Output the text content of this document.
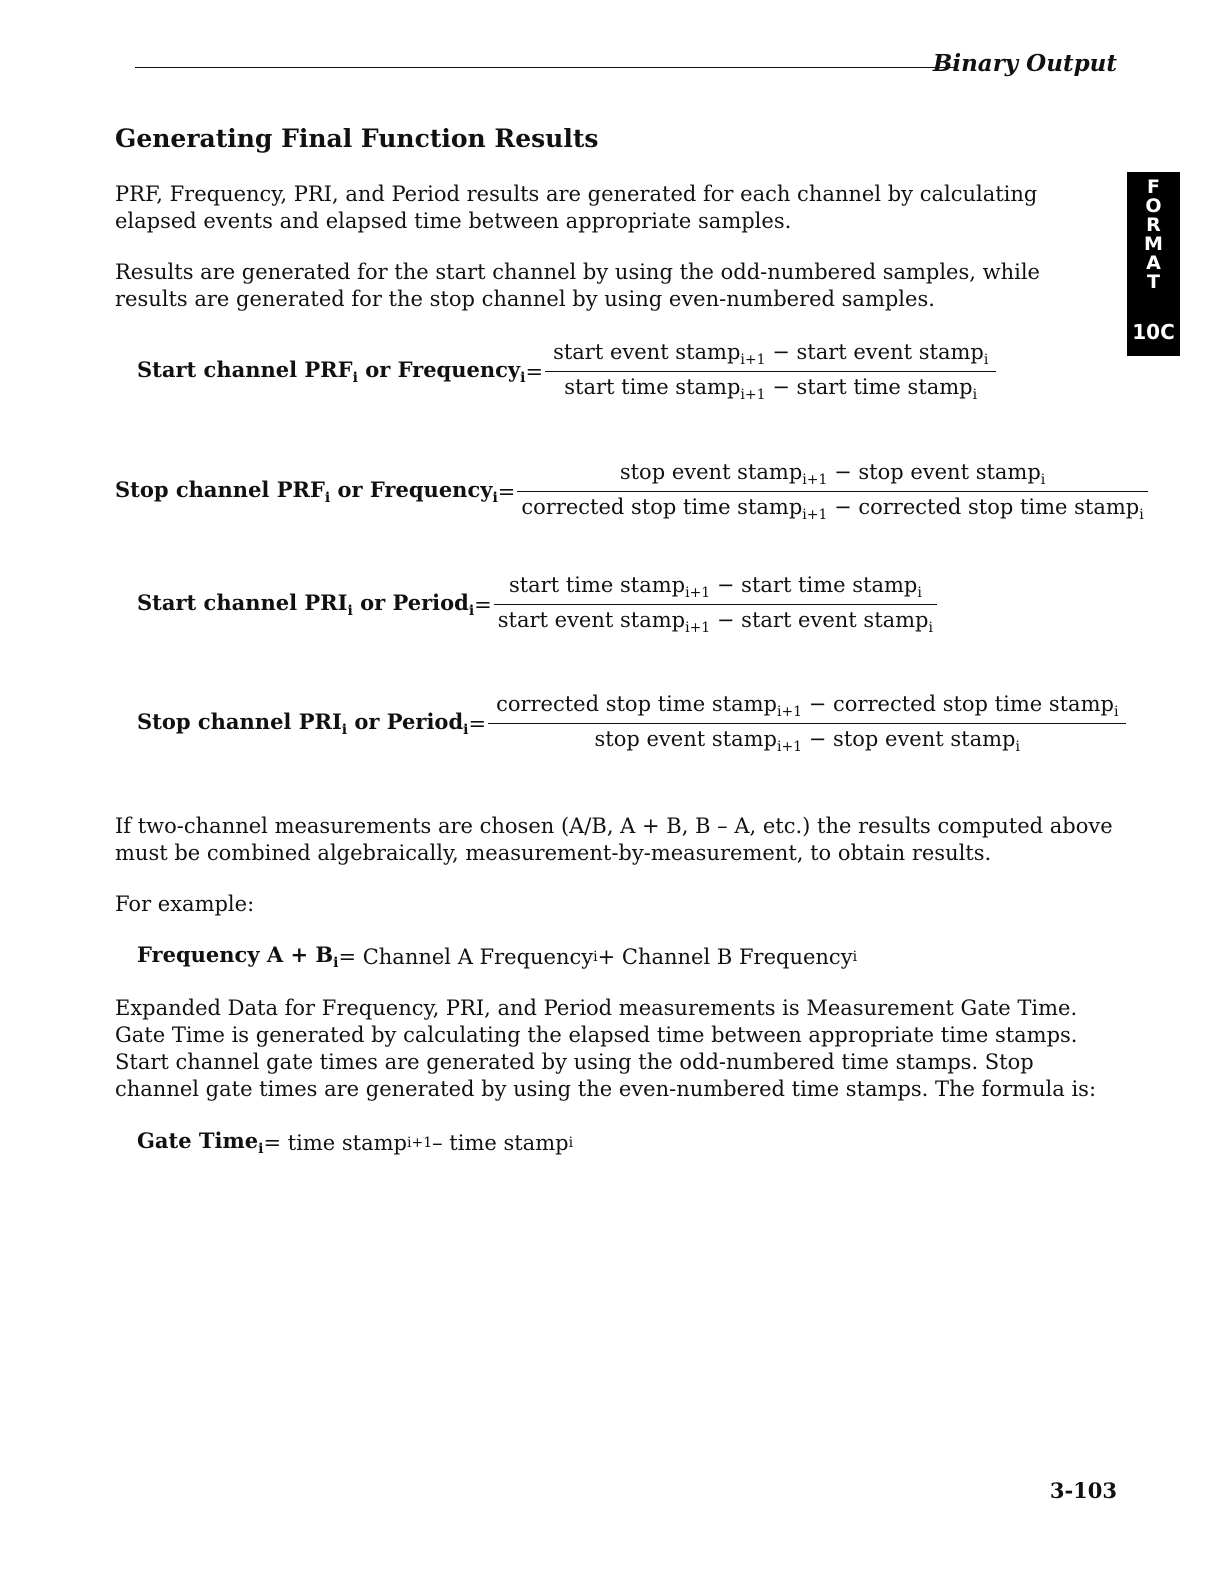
Binary Output
F
O
R
M
A
T
10C
Generating Final Function Results
PRF, Frequency, PRI, and Period results are generated for each channel by calculating elapsed events and elapsed time between appropriate samples.
Results are generated for the start channel by using the odd-numbered samples, while results are generated for the stop channel by using even-numbered samples.
Start channel $PRF_i$ or Frequency$_i$ = $\frac{start event stamp_{i+1} - start event stamp_i}{start time stamp_{i+1} - start time stamp_i}$
Stop channel $PRF_i$ or Frequency$_i$ = $\frac{stop event stamp_{i+1} - stop event stamp_i}{corrected stop time stamp_{i+1} - corrected stop time stamp_i}$
Start channel $PRI_i$ or Period$_i$ = $\frac{start time stamp_{i+1} - start time stamp_i}{start event stamp_{i+1} - start event stamp_i}$
Stop channel $PRI_i$ or Period$_i$ = $\frac{corrected stop time stamp_{i+1} - corrected stop time stamp_i}{stop event stamp_{i+1} - stop event stamp_i}$
If two-channel measurements are chosen (A/B, A + B, B – A, etc.) the results computed above must be combined algebraically, measurement-by-measurement, to obtain results.
For example:
Frequency $A + B_i$ = Channel A Frequency i + Channel B Frequency i
Expanded Data for Frequency, PRI, and Period measurements is Measurement Gate Time. Gate Time is generated by calculating the elapsed time between appropriate time stamps. Start channel gate times are generated by using the odd-numbered time stamps. Stop channel gate times are generated by using the even-numbered time stamps. The formula is:
Gate Time$_i$ = time stamp i+1 – time stamp i
3-103
